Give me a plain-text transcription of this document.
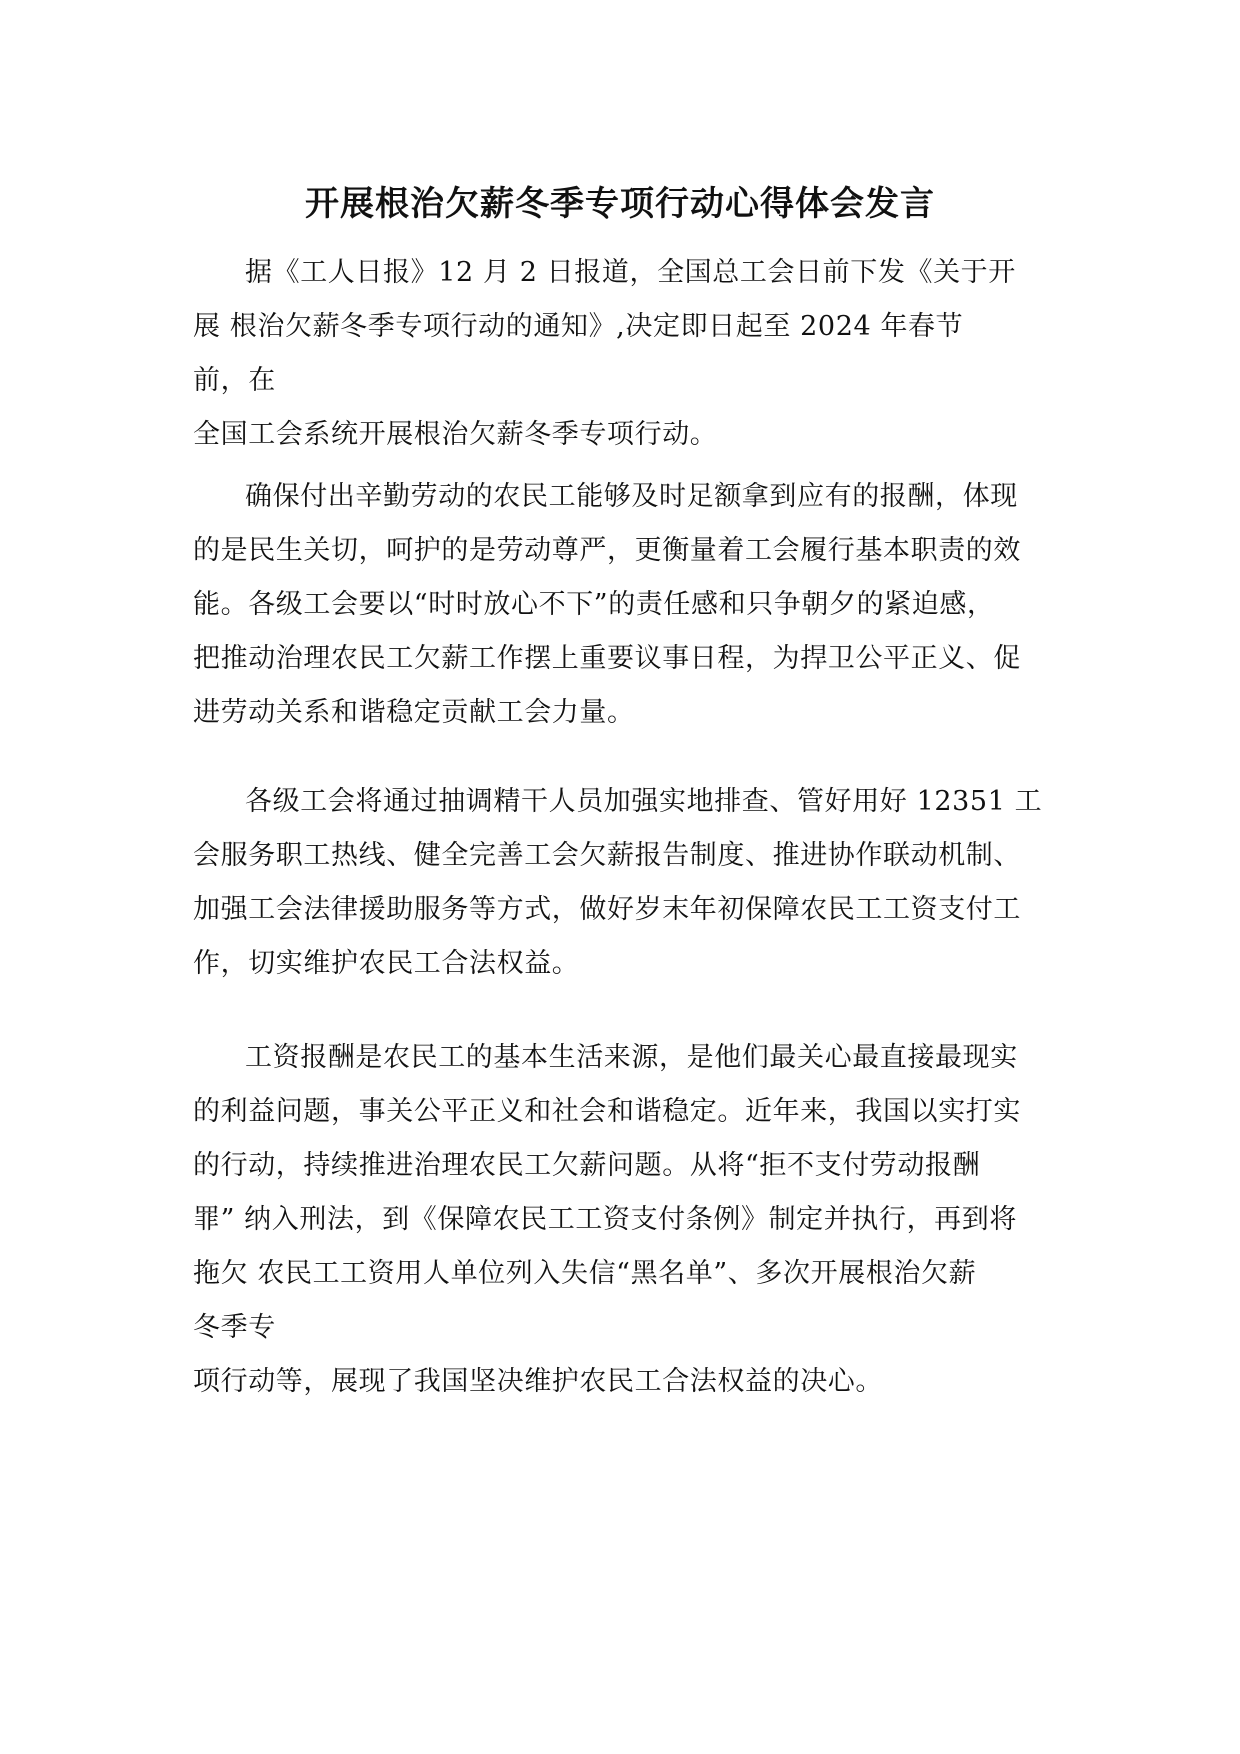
开展根治欠薪冬季专项行动心得体会发言
据《工人日报》12 月 2 日报道，全国总工会日前下发《关于开
展 根治欠薪冬季专项行动的通知》,决定即日起至 2024 年春节
前，在
全国工会系统开展根治欠薪冬季专项行动。
确保付出辛勤劳动的农民工能够及时足额拿到应有的报酬，体现
的是民生关切，呵护的是劳动尊严，更衡量着工会履行基本职责的效
能。各级工会要以“时时放心不下”的责任感和只争朝夕的紧迫感，
把推动治理农民工欠薪工作摆上重要议事日程，为捍卫公平正义、促
进劳动关系和谐稳定贡献工会力量。
各级工会将通过抽调精干人员加强实地排查、管好用好 12351 工
会服务职工热线、健全完善工会欠薪报告制度、推进协作联动机制、
加强工会法律援助服务等方式，做好岁末年初保障农民工工资支付工
作，切实维护农民工合法权益。
工资报酬是农民工的基本生活来源，是他们最关心最直接最现实
的利益问题，事关公平正义和社会和谐稳定。近年来，我国以实打实
的行动，持续推进治理农民工欠薪问题。从将“拒不支付劳动报酬
罪” 纳入刑法，到《保障农民工工资支付条例》制定并执行，再到将
拖欠 农民工工资用人单位列入失信“黑名单”、多次开展根治欠薪
冬季专
项行动等，展现了我国坚决维护农民工合法权益的决心。
